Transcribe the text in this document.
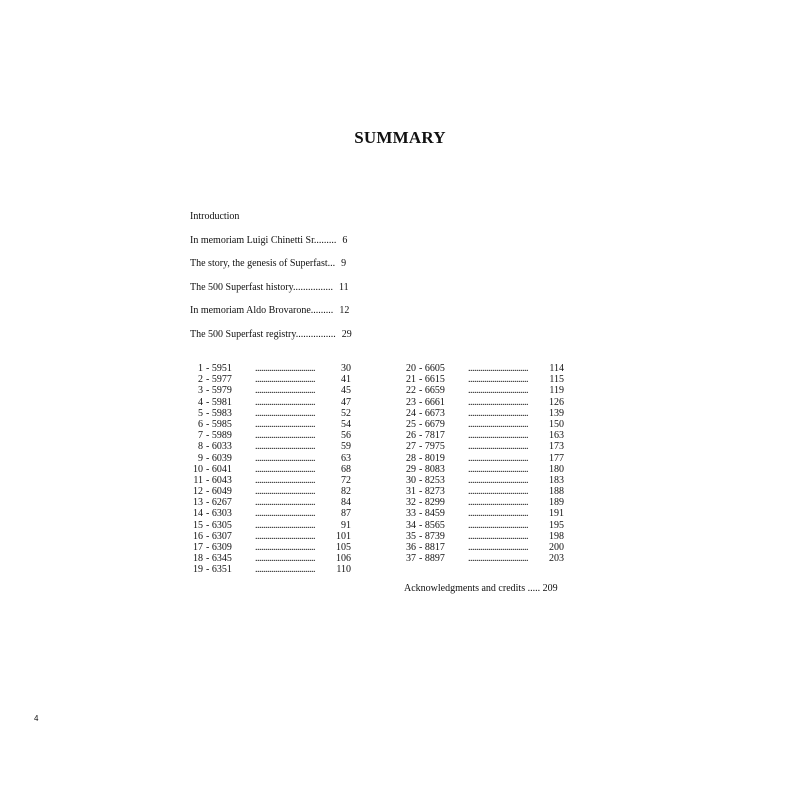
SUMMARY
Introduction
In memoriam Luigi Chinetti Sr......... 6
The story, the genesis of Superfast... 9
The 500 Superfast history................ 11
In memoriam Aldo Brovarone......... 12
The 500 Superfast registry................ 29
1 - 5951 ..............................	30
2 - 5977 ..............................	41
3 - 5979 ..............................	45
4 - 5981 ..............................	47
5 - 5983 ..............................	52
6 - 5985 ..............................	54
7 - 5989 ..............................	56
8 - 6033 ..............................	59
9 - 6039 ..............................	63
10 - 6041 ..............................	68
11 - 6043 ..............................	72
12 - 6049 ..............................	82
13 - 6267 ..............................	84
14 - 6303 ..............................	87
15 - 6305 ..............................	91
16 - 6307 ..............................	101
17 - 6309 ..............................	105
18 - 6345 ..............................	106
19 - 6351 ..............................	110
20 - 6605 ..............................	114
21 - 6615 ..............................	115
22 - 6659 ..............................	119
23 - 6661 ..............................	126
24 - 6673 ..............................	139
25 - 6679 ..............................	150
26 - 7817 ..............................	163
27 - 7975 ..............................	173
28 - 8019 ..............................	177
29 - 8083 ..............................	180
30 - 8253 ..............................	183
31 - 8273 ..............................	188
32 - 8299 ..............................	189
33 - 8459 ..............................	191
34 - 8565 ..............................	195
35 - 8739 ..............................	198
36 - 8817 ..............................	200
37 - 8897 ..............................	203
Acknowledgments and credits ..... 209
4
